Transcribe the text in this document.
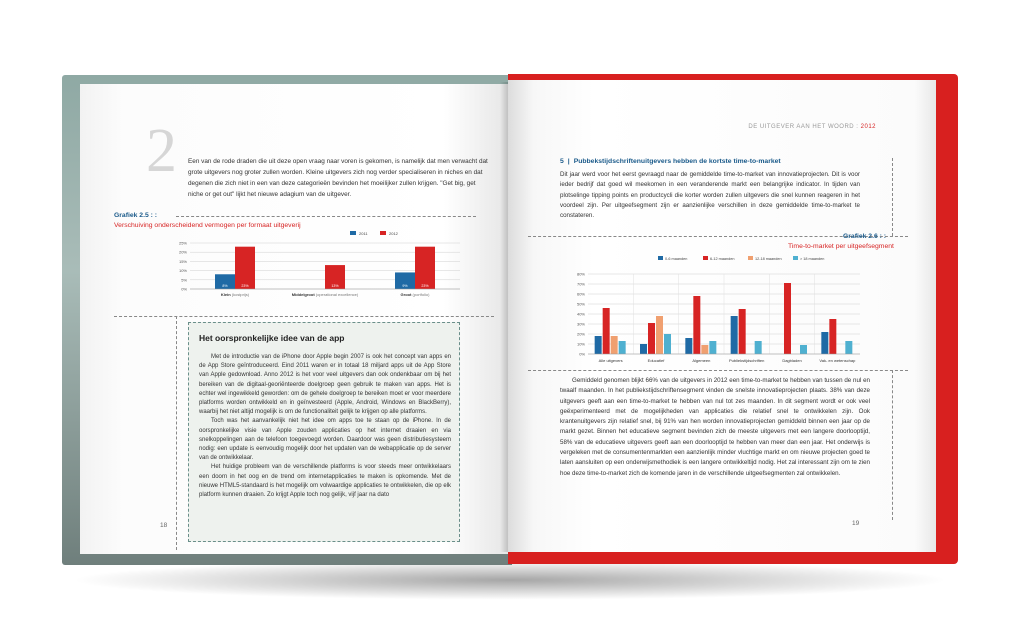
2 Een van de rode draden die uit deze open vraag naar voren is gekomen, is namelijk dat men verwacht dat grote uitgevers nog groter zullen worden. Kleine uitgevers zich nog verder specialiseren in niches en dat degenen die zich niet in een van deze categorieën bevinden het moeilijker zullen krijgen. "Get big, get niche or get out" lijkt het nieuwe adagium van de uitgever.
Grafiek 2.5 : :
Verschuiving onderscheidend vermogen per formaat uitgeverij
0%
5%
10%
15%
20%
25%
2011	2012
8%	23%
Klein (kostprijs)
0%	13%
Middelgroot (operational excellence)
9%	23%
Groot (portfolio)
Het oorspronkelijke idee van de app

Met de introductie van de iPhone door Apple begin 2007 is ook het concept van apps en de App Store geïntroduceerd. Eind 2011 waren er in totaal 18 miljard apps uit de App Store van Apple gedownload. Anno 2012 is het voor veel uitgevers dan ook ondenkbaar om bij het bereiken van de digitaal-georiënteerde doelgroep geen gebruik te maken van apps. Het is echter wel ingewikkeld geworden: om de gehele doelgroep te bereiken moet er voor meerdere platforms worden ontwikkeld en in geïnvesteerd (Apple, Android, Windows en BlackBerry), waarbij het niet altijd mogelijk is om de functionaliteit gelijk te krijgen op alle platforms.

Toch was het aanvankelijk niet het idee om apps toe te staan op de iPhone. In de oorspronkelijke visie van Apple zouden applicaties op het internet draaien en via snelkoppelingen aan de telefoon toegevoegd worden. Daardoor was geen distributiesysteem nodig: een update is eenvoudig mogelijk door het updaten van de webapplicatie op de server van de ontwikkelaar.

Het huidige probleem van de verschillende platforms is voor steeds meer ontwikkelaars een doorn in het oog en de trend om internetapplicaties te maken is opkomende. Met de nieuwe HTML5-standaard is het mogelijk om volwaardige applicaties te ontwikkelen, die op elk platform kunnen draaien. Zo krijgt Apple toch nog gelijk, vijf jaar na dato

18
DE UITGEVER AAN HET WOORD : 2012
5 | Pubbekstijdschriftenuitgevers hebben de kortste time-to-market
Dit jaar werd voor het eerst gevraagd naar de gemiddelde time-to-market van innovatieprojecten. Dit is voor ieder bedrijf dat goed wil meekomen in een veranderende markt een belangrijke indicator. In tijden van plotselinge tipping points en productcycli die korter worden zullen uitgevers die snel kunnen reageren in het voordeel zijn. Per uitgeefsegment zijn er aanzienlijke verschillen in deze gemiddelde time-to-market te constateren.
Grafiek 2.6 : :
Time-to-market per uitgeefsegment
0%
10%
20%
30%
40%
50%
60%
70%
80%
0-6 maanden	6-12 maanden	12-18 maanden	> 18 maanden
Alle uitgevers	Educatief	Algemeen	Publiekstijdschriften	Dagbladen	Vak- en wetenschap

Gemiddeld genomen blijkt 66% van de uitgevers in 2012 een time-to-market te hebben van tussen de nul en twaalf maanden. In het publiekstijdschriftensegment vinden de snelste innovatieprojecten plaats. 38% van deze uitgevers geeft aan een time-to-market te hebben van nul tot zes maanden. In dit segment wordt er ook veel geëxperimenteerd met de mogelijkheden van applicaties die relatief snel te ontwikkelen zijn. Ook krantenuitgevers zijn relatief snel, bij 91% van hen worden innovatieprojecten gemiddeld binnen een jaar op de markt gezet. Binnen het educatieve segment bevinden zich de meeste uitgevers met een langere doorlooptijd, 58% van de educatieve uitgevers geeft aan een doorlooptijd te hebben van meer dan een jaar. Het onderwijs is vergeleken met de consumentenmarkten een aanzienlijk minder vluchtige markt en om nieuwe projecten goed te laten aansluiten op een onderwijsmethodiek is een langere ontwikkeltijd nodig. Het zal interessant zijn om te zien hoe deze time-to-market zich de komende jaren in de verschillende uitgeefsegmenten zal ontwikkelen.

19
